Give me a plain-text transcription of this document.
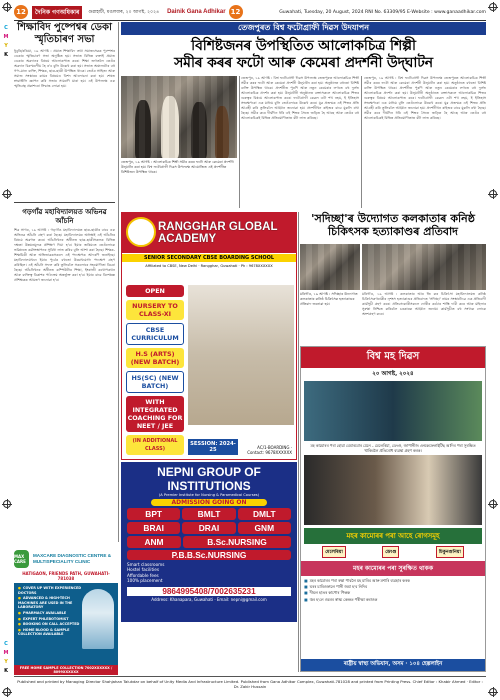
C
M
Y
K
C
M
Y
K
12	দৈনিক গণঅধিকাৰ	গুৱাহাটী, মঙলবাৰ, ২০ আগষ্ট, ২০২৪ Dainik Gana Adhikar 12	Guwahati, Tuesday, 20 August, 2024 RNI No. 63309/95 E-Website : www.ganaadhikar.com
শিক্ষাবিদ পুষ্পেশ্বৰ ডেকা স্মৃতিচাৰণ সভা
ধুবুৰি/ৰঙিয়া, ১৯ আগষ্ট : প্ৰয়াত শিক্ষাবিদ তথা সমাজসেৱক পুষ্পেশ্বৰ ডেকাৰ স্মৃতিচাৰণ সভা অনুষ্ঠিত হয়। সভাত বিভিন্ন বক্তাই প্ৰয়াত ডেকাৰ অৱদানৰ বিষয়ে আলোকপাত কৰে। শিক্ষা জগতলৈ তেওঁৰ অৱদান চিৰস্মৰণীয় হৈ ৰ'ব বুলি উল্লেখ কৰা হয়। সভাত অঞ্চলটোৰ বহু গণ্য-মান্য ব্যক্তি, শিক্ষক, ছাত্ৰ-ছাত্ৰী উপস্থিত থাকে। তেওঁৰ সাহিত্য আৰু সমাজ সংস্কাৰৰ কামৰ বিষয়েও বিশদ আলোচনা কৰা হয়। শেষত শ্ৰদ্ধাঞ্জলি জ্ঞাপন কৰি সভাৰ সামৰণি মাৰা হয়। এই উপলক্ষে এক স্মৃতিগ্ৰন্থ প্ৰকাশৰো সিদ্ধান্ত লোৱা হয়।
গড়গাঁৱ মহাবিদ্যালয়ত অভিনৱ আঁচনি
শিৱ সাগৰ, ১৯ আগষ্ট : গড়গাঁও মহাবিদ্যালয়ত ছাত্ৰ-ছাত্ৰীৰ বাবে এক অভিনৱ আঁচনি গ্ৰহণ কৰা হৈছে। মহাবিদ্যালয়ৰ অধ্যক্ষই এই আঁচনিৰ বিষয়ে অৱগত কৰে। আঁচনিখনৰ অধীনত ছাত্ৰ-ছাত্ৰীসকলক বিভিন্ন দক্ষতা উন্নয়নমূলক প্ৰশিক্ষণ দিয়া হ'ব। ইয়াৰ জৰিয়তে তেওঁলোকে ভৱিষ্যতে কৰ্মসংস্থাপনৰ সুবিধা লাভ কৰিব বুলি আশা কৰা হৈছে। শিক্ষক-শিক্ষয়িত্ৰী আৰু অভিভাৱকসকলে এই পদক্ষেপক আদৰণি জনাইছে। মহাবিদ্যালয়খনে ইয়াৰ পূৰ্বেও বহুতো উল্লেখযোগ্য পদক্ষেপ গ্ৰহণ কৰিছিল। এই আঁচনি সফল কৰি তুলিবলৈ সকলোৰে সহযোগিতা বিচৰা হৈছে। আঁচনিখনৰ অধীনত কম্পিউটাৰ শিক্ষা, ইংৰাজী কথোপকথন আৰু ব্যক্তিত্ব বিকাশৰ পাঠ্যক্ৰম অন্তৰ্ভুক্ত কৰা হ'ব। ইয়াৰ বাবে বিশেষজ্ঞ প্ৰশিক্ষকক আমন্ত্ৰণ জনোৱা হ'ব।
তেজপুৰত বিশ্ব ফটোগ্ৰাফী দিৱস উদযাপন
বিশিষ্টজনৰ উপস্থিতিত আলোকচিত্ৰ শিল্পী
সমীৰ কৰৰ ফটো আৰু কেমেৰা প্ৰদৰ্শনী উদ্‌ঘাটন
তেজপুৰ, ১৯ আগষ্ট : আলোকচিত্ৰ শিল্পী সমীৰ কৰৰ ফটো আৰু কেমেৰা প্ৰদৰ্শনী উদ্‌ঘাটন কৰা হয়। বিশ্ব ফটোগ্ৰাফী দিৱস উপলক্ষে আয়োজিত এই প্ৰদৰ্শনীত বিশিষ্টজন উপস্থিত থাকে।
তেজপুৰ, ১৯ আগষ্ট : বিশ্ব ফটোগ্ৰাফী দিৱস উপলক্ষে তেজপুৰত আলোকচিত্ৰ শিল্পী সমীৰ কৰৰ ফটো আৰু কেমেৰা প্ৰদৰ্শনী উদ্‌ঘাটন কৰা হয়। অনুষ্ঠানত বহুতো বিশিষ্ট ব্যক্তি উপস্থিত থাকে। প্ৰদৰ্শনীত পুৰণি আৰু নতুন কেমেৰাৰ লগতে বহু দুৰ্লভ আলোকচিত্ৰ প্ৰদৰ্শন কৰা হয়। উদ্‌ঘাটনী অনুষ্ঠানত বক্তাসকলে আলোকচিত্ৰ শিল্পৰ গুৰুত্বৰ বিষয়ে আলোকপাত কৰে। ফটোগ্ৰাফী কেৱল এটা শখ নহয়, ই ইতিহাস সংৰক্ষণৰো এক মাধ্যম বুলি তেওঁলোকে উল্লেখ কৰে। যুৱ প্ৰজন্মক এই শিল্পৰ প্ৰতি আগ্ৰহী কৰি তুলিবলৈ আহ্বান জনোৱা হয়। প্ৰদৰ্শনীখন ৰাইজৰ বাবে মুকলি ৰখা হৈছে। সমীৰ কৰে দীৰ্ঘদিন ধৰি এই শিল্পৰ সৈতে জড়িত হৈ আছে আৰু তেওঁৰ বহু আলোকচিত্ৰই বিভিন্ন প্ৰতিযোগিতাত বঁটা লাভ কৰিছে।
তেজপুৰ, ১৯ আগষ্ট : বিশ্ব ফটোগ্ৰাফী দিৱস উপলক্ষে তেজপুৰত আলোকচিত্ৰ শিল্পী সমীৰ কৰৰ ফটো আৰু কেমেৰা প্ৰদৰ্শনী উদ্‌ঘাটন কৰা হয়। অনুষ্ঠানত বহুতো বিশিষ্ট ব্যক্তি উপস্থিত থাকে। প্ৰদৰ্শনীত পুৰণি আৰু নতুন কেমেৰাৰ লগতে বহু দুৰ্লভ আলোকচিত্ৰ প্ৰদৰ্শন কৰা হয়। উদ্‌ঘাটনী অনুষ্ঠানত বক্তাসকলে আলোকচিত্ৰ শিল্পৰ গুৰুত্বৰ বিষয়ে আলোকপাত কৰে। ফটোগ্ৰাফী কেৱল এটা শখ নহয়, ই ইতিহাস সংৰক্ষণৰো এক মাধ্যম বুলি তেওঁলোকে উল্লেখ কৰে। যুৱ প্ৰজন্মক এই শিল্পৰ প্ৰতি আগ্ৰহী কৰি তুলিবলৈ আহ্বান জনোৱা হয়। প্ৰদৰ্শনীখন ৰাইজৰ বাবে মুকলি ৰখা হৈছে। সমীৰ কৰে দীৰ্ঘদিন ধৰি এই শিল্পৰ সৈতে জড়িত হৈ আছে আৰু তেওঁৰ বহু আলোকচিত্ৰই বিভিন্ন প্ৰতিযোগিতাত বঁটা লাভ কৰিছে।
'সদিচ্ছা'ৰ উদ্যোগত কলকাতাৰ কনিষ্ঠ চিকিৎসক হত্যাকাণ্ডৰ প্ৰতিবাদ
মৰিগাঁও, ১৯ আগষ্ট : সদিচ্ছাৰ উদ্যোগত কলকাতাৰ কনিষ্ঠ চিকিৎসক হত্যাকাণ্ডৰ প্ৰতিবাদ জনোৱা হয়।
মৰিগাঁও, ১৯ আগষ্ট : কলকাতাৰ আৰ জি কৰ চিকিৎসা মহাবিদ্যালয়ত কনিষ্ঠ চিকিৎসকগৰাকীৰ নৃশংস হত্যাকাণ্ডৰ প্ৰতিবাদত 'সদিচ্ছা' নামৰ সংস্থাটোৱে এক প্ৰতিবাদী কাৰ্যসূচী গ্ৰহণ কৰে। প্ৰতিবাদকাৰীসকলে দোষীৰ কঠোৰ শাস্তি দাবী কৰে আৰু মহিলাৰ সুৰক্ষা নিশ্চিত কৰিবলৈ চৰকাৰক আহ্বান জনায়। কাৰ্যসূচীত বহু সংখ্যক লোকে অংশগ্ৰহণ কৰে।
RANGGHAR GLOBAL ACADEMY
SENIOR SECONDARY CBSE BOARDING SCHOOL
Affiliated to CBSE, New Delhi · Rangghar, Guwahati · Ph : 9678XXXXXX
OPEN
NURSERY TO CLASS-XI
CBSE CURRICULUM
H.S (ARTS) (NEW BATCH)
HS(SC) (NEW BATCH)
WITH INTEGRATED COACHING FOR NEET / JEE
(IN ADDITIONAL CLASS)
SESSION: 2024-25	AC/1-BOARDING · Contact: 9678XXXXXX
NEPNI GROUP OF INSTITUTIONS
(A Premier Institute for Nursing & Paramedical Courses)
ADMISSION GOING ON
BPT	BMLT	DMLT
BRAI	DRAI	GNM
ANM	B.Sc.NURSING
P.B.B.Sc.NURSING
Smart classrooms
Hostel facilities
Affordable fees
100% placement
9864995408/7002635231
Address: Khanapara, Guwahati · Email: nepni@gmail.com
MAX CARE
MAXCARE DIAGNOSTIC CENTRE & MULTISPECIALITY CLINIC
HATIGAON, FRIENDS PATH, GUWAHATI-781038
● COVER UP WITH EXPERIENCED DOCTORS
● ADVANCED & HIGH-TECH MACHINES ARE USED IN THE LABORATORY
● PHARMACY AVAILABLE
● EXPERT PHLEBOTOMIST
● BOOKING ON CALL ACCEPTED
● HOME BLOOD & SAMPLE COLLECTION AVAILABLE
FREE HOME SAMPLE COLLECTION 7002XXXXXX / 8099XXXXXX
বিশ্ব মহ দিৱস
২০ আগষ্ট, ২০২৪
মহ কামোৰৰ পৰা হোৱা বেমাৰবোৰ যেনে – মেলেৰিয়া, ডেংগু, জাপানীজ এনকেফেলাইটিছ আদিৰ পৰা সুৰক্ষিত থাকিবলৈ প্ৰতিৰোধ ব্যৱস্থা গ্ৰহণ কৰক।
মহৰ কামোৰৰ পৰা আহে ৰোগসমূহ
মেলেৰিয়া	ডেংগু	চিকুনগুনিয়া
মহৰ কামোৰৰ পৰা সুৰক্ষিত থাকক
■ মহৰ কামোৰৰ পৰা ৰক্ষা পাবলৈ মহ মাৰিব আৰু মশাৰি ব্যৱহাৰ কৰক
■ ঘৰৰ চাৰিওফালে পানী জমা হ'ব নিদিব
■ দীঘল হাতৰ কাপোৰ পিন্ধক
■ জ্বৰ হ'লে ওচৰৰ স্বাস্থ্য কেন্দ্ৰত পৰীক্ষা কৰাওক
ৰাষ্ট্ৰীয় স্বাস্থ্য অভিযান, অসম · ১০৪ হেল্পলাইন
Published and printed by Managing Director Shahjahan Talukdar on behalf of Unity Media And Infrastructure Limited. Published from Gana Adhikar Complex, Guwahati-781028 and printed from Printing Press. Chief Editor : Khabir Ahmed · Editor : Dr. Zakir Hussain
